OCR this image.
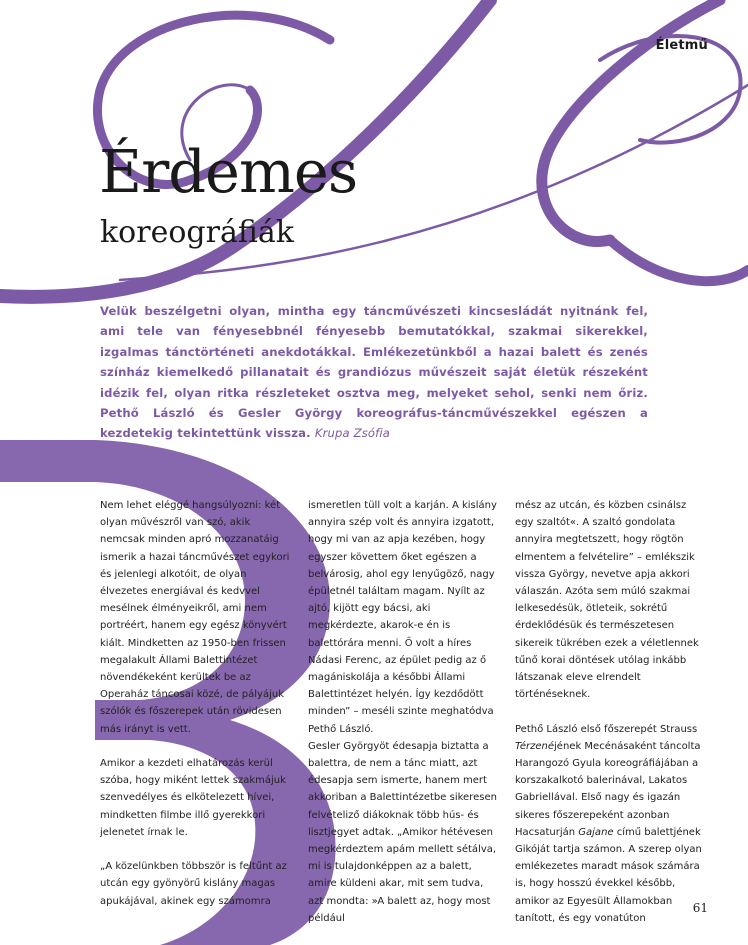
Életmű
Érdemes
koreográfiák

Velük beszélgetni olyan, mintha egy táncművészeti kincsesládát nyitnánk fel, ami tele van fényesebbnél fényesebb bemutatókkal, szakmai sikerekkel, izgalmas tánctörténeti anekdotákkal. Emlékezetünkből a hazai balett és zenés színház kiemelkedő pillanatait és grandiózus művészeit saját életük részeként idézik fel, olyan ritka részleteket osztva meg, melyeket sehol, senki nem őriz. Pethő László és Gesler György koreográfus-táncművészekkel egészen a kezdetekig tekintettünk vissza. Krupa Zsófia

Nem lehet eléggé hangsúlyozni: két olyan művészről van szó, akik nemcsak minden apró mozzanatáig ismerik a hazai táncművészet egykori és jelenlegi alkotóit, de olyan élvezetes energiával és kedvvel mesélnek élményeikről, ami nem portréért, hanem egy egész könyvért kiált. Mindketten az 1950-ben frissen megalakult Állami Balettintézet növendékeként kerültek be az Operaház táncosai közé, de pályájuk szólók és főszerepek után rövidesen más irányt is vett.

Amikor a kezdeti elhatározás kerül szóba, hogy miként lettek szakmájuk szenvedélyes és elkötelezett hívei, mindketten filmbe illő gyerekkori jelenetet írnak le.

„A közelünkben többször is feltűnt az utcán egy gyönyörű kislány magas apukájával, akinek egy számomra

ismeretlen tüll volt a karján. A kislány annyira szép volt és annyira izgatott, hogy mi van az apja kezében, hogy egyszer követtem őket egészen a belvárosig, ahol egy lenyűgöző, nagy épületnél találtam magam. Nyílt az ajtó, kijött egy bácsi, aki megkérdezte, akarok-e én is balettórára menni. Ő volt a híres Nádasi Ferenc, az épület pedig az ő magániskolája a későbbi Állami Balettintézet helyén. Így kezdődött minden” – meséli szinte meghatódva Pethő László.

Gesler Györgyöt édesapja biztatta a balettra, de nem a tánc miatt, azt édesapja sem ismerte, hanem mert akkoriban a Balettintézetbe sikeresen felvételiző diákoknak több hús- és lisztjegyet adtak. „Amikor hétévesen megkérdeztem apám mellett sétálva, mi is tulajdonképpen az a balett, amire küldeni akar, mit sem tudva, azt mondta: »A balett az, hogy most például

mész az utcán, és közben csinálsz egy szaltót«. A szaltó gondolata annyira megtetszett, hogy rögtön elmentem a felvételire” – emlékszik vissza György, nevetve apja akkori válaszán. Azóta sem múló szakmai lelkesedésük, ötleteik, sokrétű érdeklődésük és természetesen sikereik tükrében ezek a véletlennek tűnő korai döntések utólag inkább látszanak eleve elrendelt történéseknek.

Pethő László első főszerepét Strauss Térzenéjének Mecénásaként táncolta Harangozó Gyula koreográfiájában a korszakalkotó balerinával, Lakatos Gabriellával. Első nagy és igazán sikeres főszerepeként azonban Hacsaturján Gajane című balettjének Gikóját tartja számon. A szerep olyan emlékezetes maradt mások számára is, hogy hosszú évekkel később, amikor az Egyesült Államokban tanított, és egy vonatúton

61
